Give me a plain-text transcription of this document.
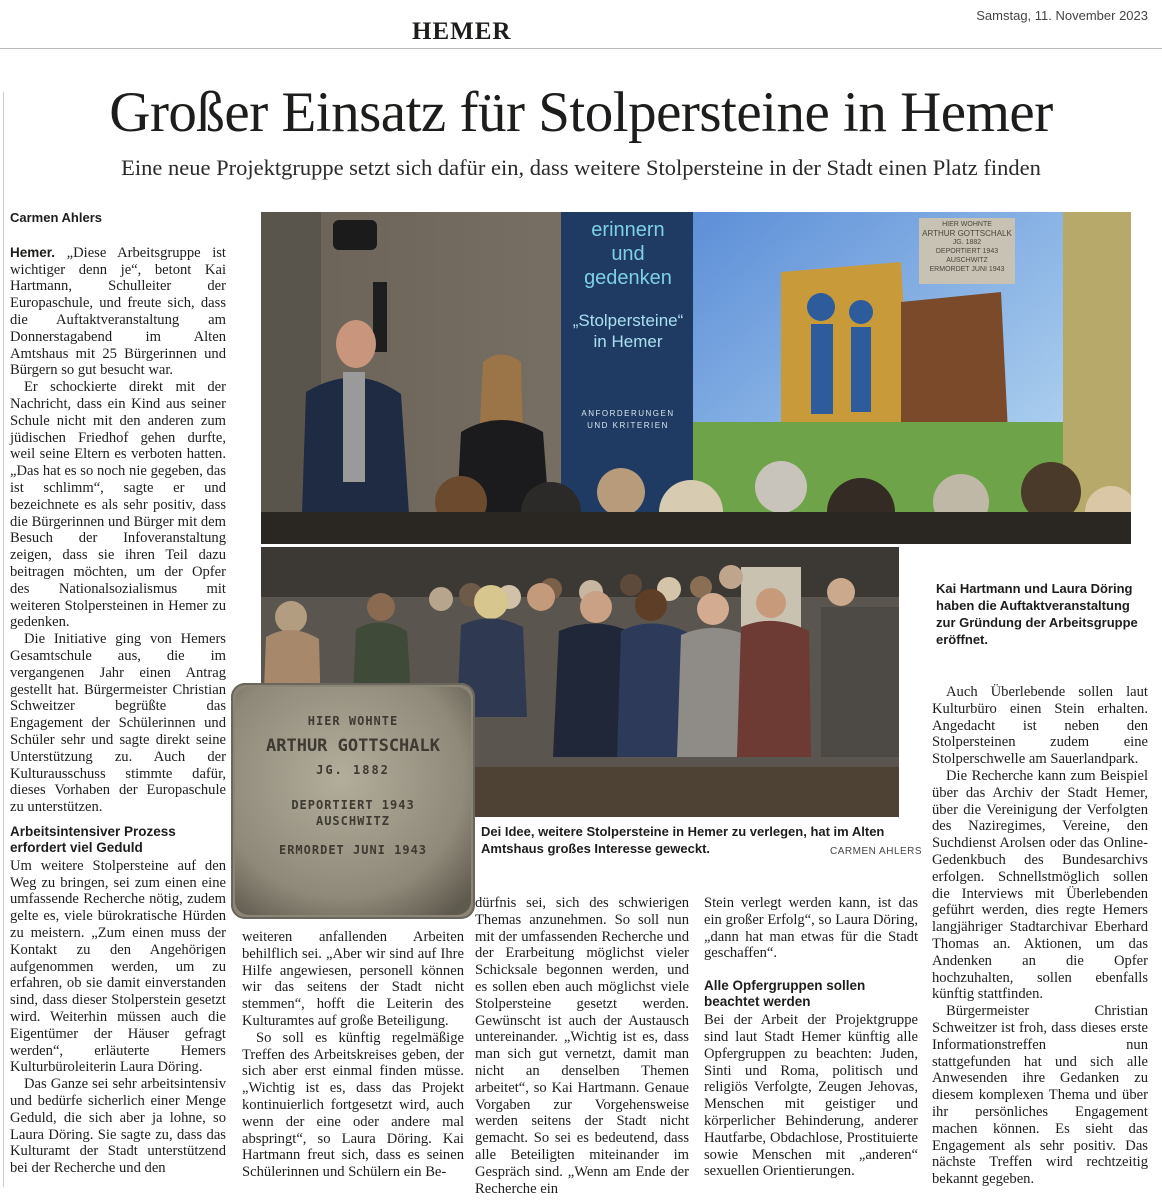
HEMER
Samstag, 11. November 2023
Großer Einsatz für Stolpersteine in Hemer

Eine neue Projektgruppe setzt sich dafür ein, dass weitere Stolpersteine in der Stadt einen Platz finden

Carmen Ahlers

Hemer. „Diese Arbeitsgruppe ist wichtiger denn je“, betont Kai Hartmann, Schulleiter der Europaschule, und freute sich, dass die Auftaktveranstaltung am Donnerstagabend im Alten Amtshaus mit 25 Bürgerinnen und Bürgern so gut besucht war.

Er schockierte direkt mit der Nachricht, dass ein Kind aus seiner Schule nicht mit den anderen zum jüdischen Friedhof gehen durfte, weil seine Eltern es verboten hatten. „Das hat es so noch nie gegeben, das ist schlimm“, sagte er und bezeichnete es als sehr positiv, dass die Bürgerinnen und Bürger mit dem Besuch der Infoveranstaltung zeigen, dass sie ihren Teil dazu beitragen möchten, um der Opfer des Nationalsozialismus mit weiteren Stolpersteinen in Hemer zu gedenken.

Die Initiative ging von Hemers Gesamtschule aus, die im vergangenen Jahr einen Antrag gestellt hat. Bürgermeister Christian Schweitzer begrüßte das Engagement der Schülerinnen und Schüler sehr und sagte direkt seine Unterstützung zu. Auch der Kulturausschuss stimmte dafür, dieses Vorhaben der Europaschule zu unterstützen.

Arbeitsintensiver Prozess erfordert viel Geduld

Um weitere Stolpersteine auf den Weg zu bringen, sei zum einen eine umfassende Recherche nötig, zudem gelte es, viele bürokratische Hürden zu meistern. „Zum einen muss der Kontakt zu den Angehörigen aufgenommen werden, um zu erfahren, ob sie damit einverstanden sind, dass dieser Stolperstein gesetzt wird. Weiterhin müssen auch die Eigentümer der Häuser gefragt werden“, erläuterte Hemers Kulturbüroleiterin Laura Döring.

Das Ganze sei sehr arbeitsintensiv und bedürfe sicherlich einer Menge Geduld, die sich aber ja lohne, so Laura Döring. Sie sagte zu, dass das Kulturamt der Stadt unterstützend bei der Recherche und den

erinnern
und
gedenken
„Stolpersteine“
in Hemer
ANFORDERUNGEN
UND KRITERIEN
HIER WOHNTE
ARTHUR GOTTSCHALK
JG. 1882
DEPORTIERT 1943
AUSCHWITZ
ERMORDET JUNI 1943
Kai Hartmann und Laura Döring haben die Auftaktveranstaltung zur Gründung der Arbeitsgruppe eröffnet.
Dei Idee, weitere Stolpersteine in Hemer zu verlegen, hat im Alten Amtshaus großes Interesse geweckt.	CARMEN AHLERS
HIER WOHNTE
ARTHUR GOTTSCHALK
JG. 1882
DEPORTIERT 1943
AUSCHWITZ
ERMORDET JUNI 1943

weiteren anfallenden Arbeiten behilflich sei. „Aber wir sind auf Ihre Hilfe angewiesen, personell können wir das seitens der Stadt nicht stemmen“, hofft die Leiterin des Kulturamtes auf große Beteiligung.

So soll es künftig regelmäßige Treffen des Arbeitskreises geben, der sich aber erst einmal finden müsse. „Wichtig ist es, dass das Projekt kontinuierlich fortgesetzt wird, auch wenn der eine oder andere mal abspringt“, so Laura Döring. Kai Hartmann freut sich, dass es seinen Schülerinnen und Schülern ein Be-

dürfnis sei, sich des schwierigen Themas anzunehmen. So soll nun mit der umfassenden Recherche und der Erarbeitung möglichst vieler Schicksale begonnen werden, und es sollen eben auch möglichst viele Stolpersteine gesetzt werden. Gewünscht ist auch der Austausch untereinander. „Wichtig ist es, dass man sich gut vernetzt, damit man nicht an denselben Themen arbeitet“, so Kai Hartmann. Genaue Vorgaben zur Vorgehensweise werden seitens der Stadt nicht gemacht. So sei es bedeutend, dass alle Beteiligten miteinander im Gespräch sind. „Wenn am Ende der Recherche ein

Stein verlegt werden kann, ist das ein großer Erfolg“, so Laura Döring, „dann hat man etwas für die Stadt geschaffen“.

Alle Opfergruppen sollen beachtet werden

Bei der Arbeit der Projektgruppe sind laut Stadt Hemer künftig alle Opfergruppen zu beachten: Juden, Sinti und Roma, politisch und religiös Verfolgte, Zeugen Jehovas, Menschen mit geistiger und körperlicher Behinderung, anderer Hautfarbe, Obdachlose, Prostituierte sowie Menschen mit „anderen“ sexuellen Orientierungen.

Auch Überlebende sollen laut Kulturbüro einen Stein erhalten. Angedacht ist neben den Stolpersteinen zudem eine Stolperschwelle am Sauerlandpark.

Die Recherche kann zum Beispiel über das Archiv der Stadt Hemer, über die Vereinigung der Verfolgten des Naziregimes, Vereine, den Suchdienst Arolsen oder das Online-Gedenkbuch des Bundesarchivs erfolgen. Schnellstmöglich sollen die Interviews mit Überlebenden geführt werden, dies regte Hemers langjähriger Stadtarchivar Eberhard Thomas an. Aktionen, um das Andenken an die Opfer hochzuhalten, sollen ebenfalls künftig stattfinden.

Bürgermeister Christian Schweitzer ist froh, dass dieses erste Informationstreffen nun stattgefunden hat und sich alle Anwesenden ihre Gedanken zu diesem komplexen Thema und über ihr persönliches Engagement machen können. Es sieht das Engagement als sehr positiv. Das nächste Treffen wird rechtzeitig bekannt gegeben.
